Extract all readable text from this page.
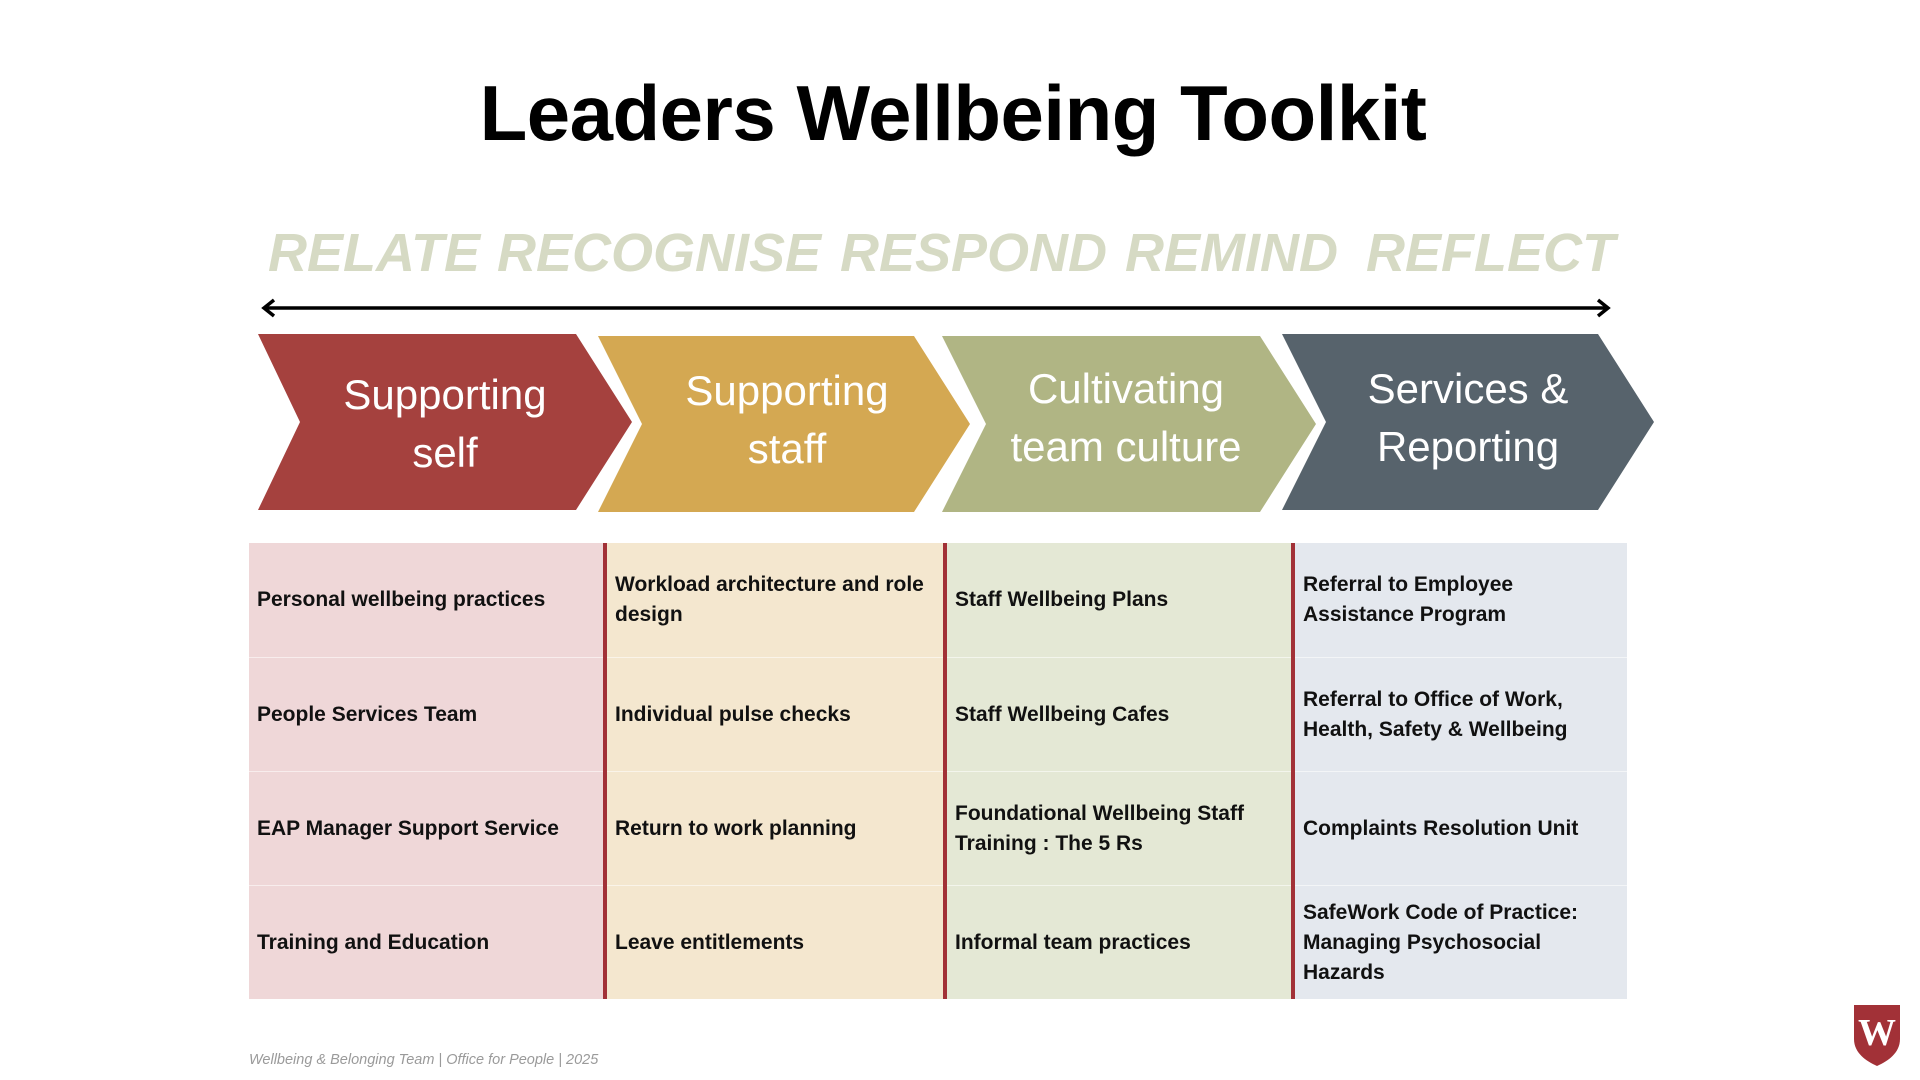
Leaders Wellbeing Toolkit
RELATE RECOGNISE RESPOND REMIND REFLECT
Supporting
self
Supporting
staff
Cultivating
team culture
Services &
Reporting
Personal wellbeing practices
People Services Team
EAP Manager Support Service
Training and Education
Workload architecture and role design
Individual pulse checks
Return to work planning
Leave entitlements
Staff Wellbeing Plans
Staff Wellbeing Cafes
Foundational Wellbeing Staff Training : The 5 Rs
Informal team practices
Referral to Employee Assistance Program
Referral to Office of Work, Health, Safety & Wellbeing
Complaints Resolution Unit
SafeWork Code of Practice: Managing Psychosocial Hazards
Wellbeing & Belonging Team | Office for People | 2025
W
